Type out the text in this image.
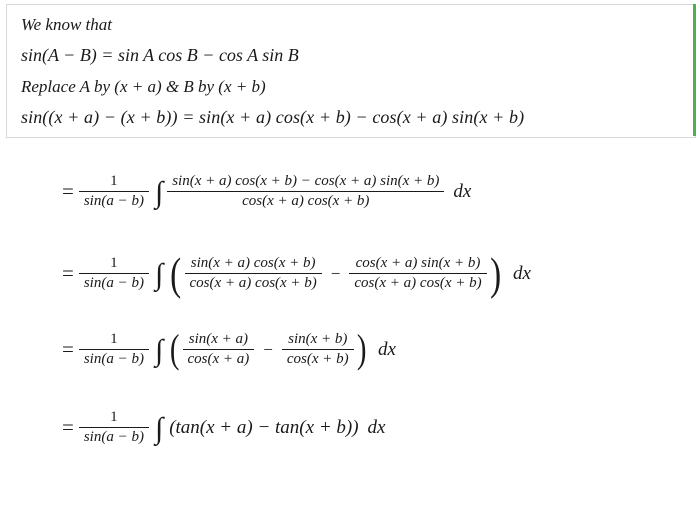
We know that
sin(A − B) = sin A cos B − cos A sin B
Replace A by (x + a) & B by (x + b)
sin((x + a) − (x + b)) = sin(x + a) cos(x + b) − cos(x + a) sin(x + b)
= $\frac{1}{\sin(a - b)}$ ∫ $\frac{\sin(x + a) \cos(x + b) - \cos(x + a) \sin(x + b)}{\cos(x + a) \cos(x + b)}$ dx
= $\frac{1}{\sin(a - b)}$ ∫ ( $\frac{\sin(x + a) \cos(x + b)}{\cos(x + a) \cos(x + b)} - \frac{\cos(x + a) \sin(x + b)}{\cos(x + a) \cos(x + b)}$ ) dx
= $\frac{1}{\sin(a - b)}$ ∫ ( $\frac{\sin(x + a)}{\cos(x + a)} - \frac{\sin(x + b)}{\cos(x + b)}$ ) dx
= $\frac{1}{\sin(a - b)}$ ∫ (tan(x + a) − tan(x + b)) dx
